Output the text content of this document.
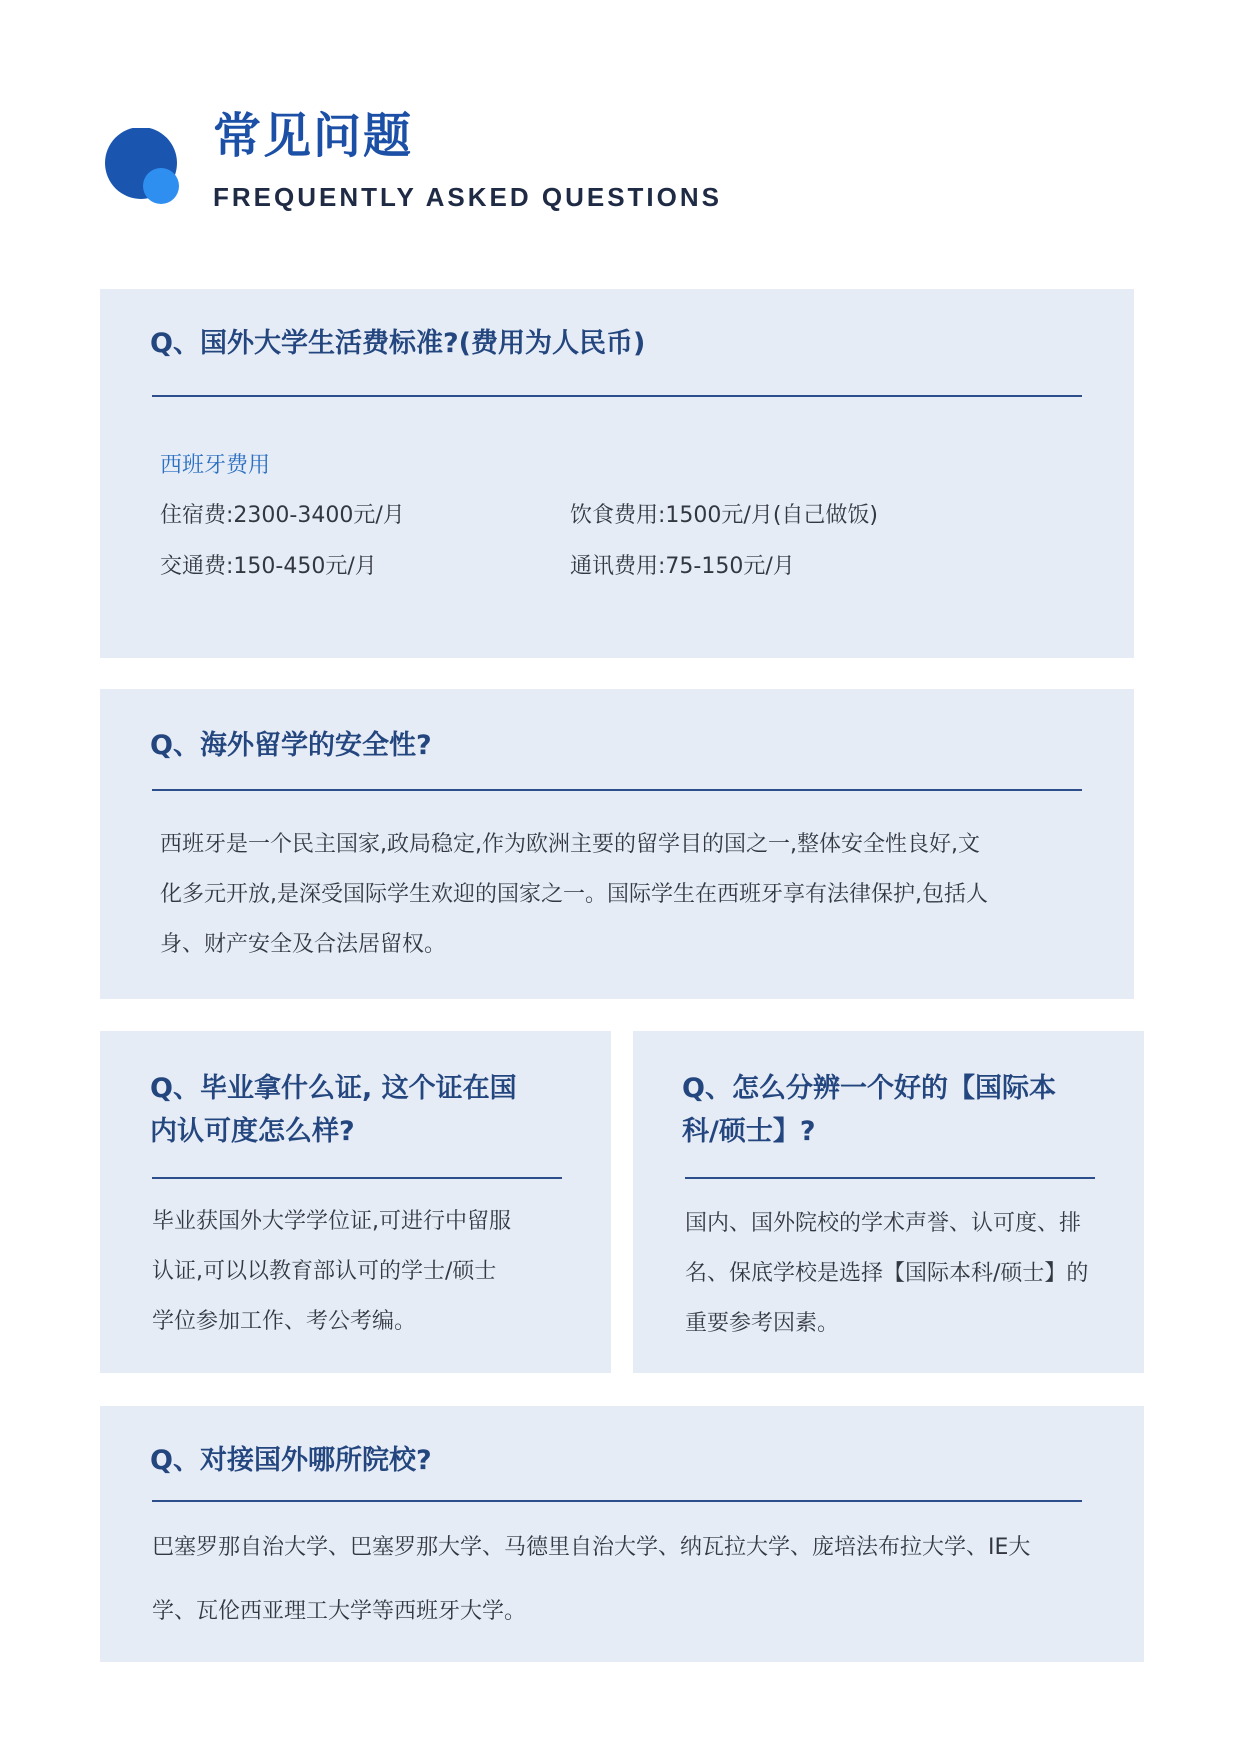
常见问题
FREQUENTLY ASKED QUESTIONS
Q、国外大学生活费标准?(费用为人民币)
西班牙费用
住宿费:2300-3400元/月	饮食费用:1500元/月(自己做饭)
交通费:150-450元/月	通讯费用:75-150元/月
Q、海外留学的安全性?

西班牙是一个民主国家,政局稳定,作为欧洲主要的留学目的国之一,整体安全性良好,文
化多元开放,是深受国际学生欢迎的国家之一。国际学生在西班牙享有法律保护,包括人
身、财产安全及合法居留权。

Q、毕业拿什么证, 这个证在国
内认可度怎么样?

毕业获国外大学学位证,可进行中留服
认证,可以以教育部认可的学士/硕士
学位参加工作、考公考编。

Q、怎么分辨一个好的【国际本
科/硕士】?

国内、国外院校的学术声誉、认可度、排
名、保底学校是选择【国际本科/硕士】的
重要参考因素。

Q、对接国外哪所院校?

巴塞罗那自治大学、巴塞罗那大学、马德里自治大学、纳瓦拉大学、庞培法布拉大学、IE大
学、瓦伦西亚理工大学等西班牙大学。
